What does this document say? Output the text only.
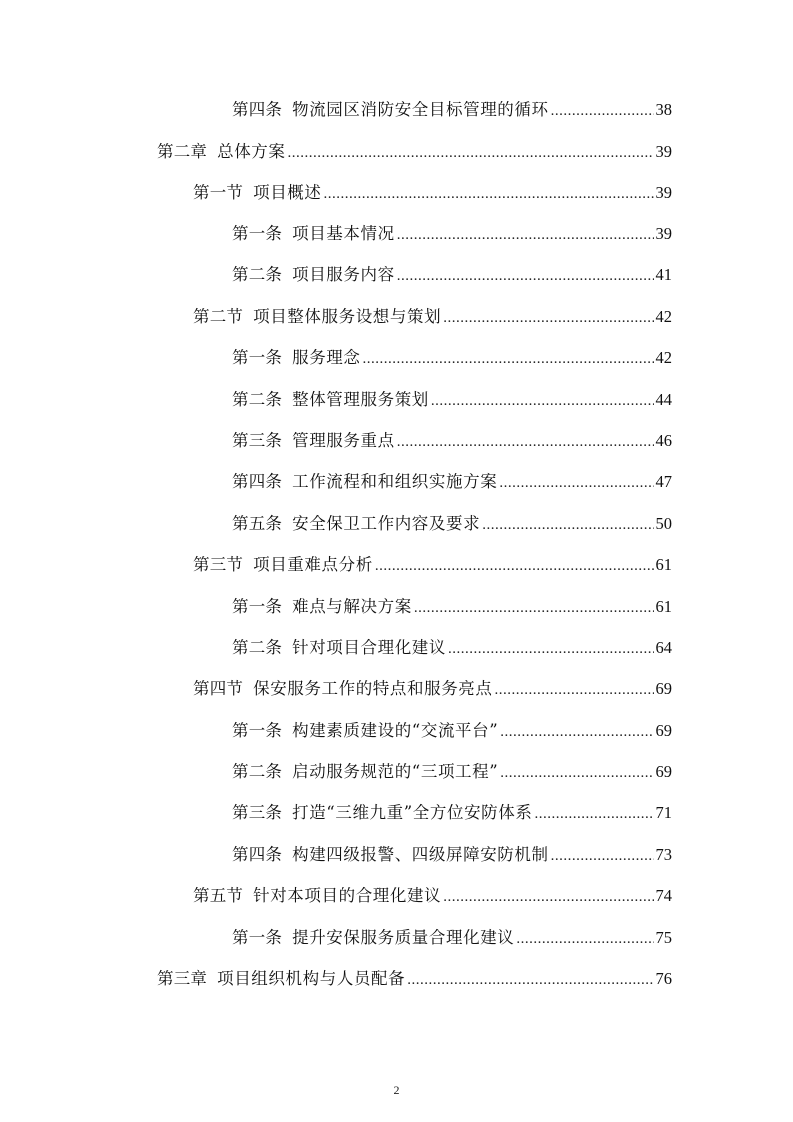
第四条 物流园区消防安全目标管理的循环 .....	38
第二章 总体方案 .....	39
第一节 项目概述 .....	39
第一条 项目基本情况 .....	39
第二条 项目服务内容 .....	41
第二节 项目整体服务设想与策划 .....	42
第一条 服务理念 .....	42
第二条 整体管理服务策划 .....	44
第三条 管理服务重点 .....	46
第四条 工作流程和和组织实施方案 .....	47
第五条 安全保卫工作内容及要求 .....	50
第三节 项目重难点分析 .....	61
第一条 难点与解决方案 .....	61
第二条 针对项目合理化建议 .....	64
第四节 保安服务工作的特点和服务亮点 .....	69
第一条 构建素质建设的“交流平台” .....	69
第二条 启动服务规范的“三项工程” .....	69
第三条 打造“三维九重”全方位安防体系 .....	71
第四条 构建四级报警、四级屏障安防机制 .....	73
第五节 针对本项目的合理化建议 .....	74
第一条 提升安保服务质量合理化建议 .....	75
第三章 项目组织机构与人员配备 .....	76
2
